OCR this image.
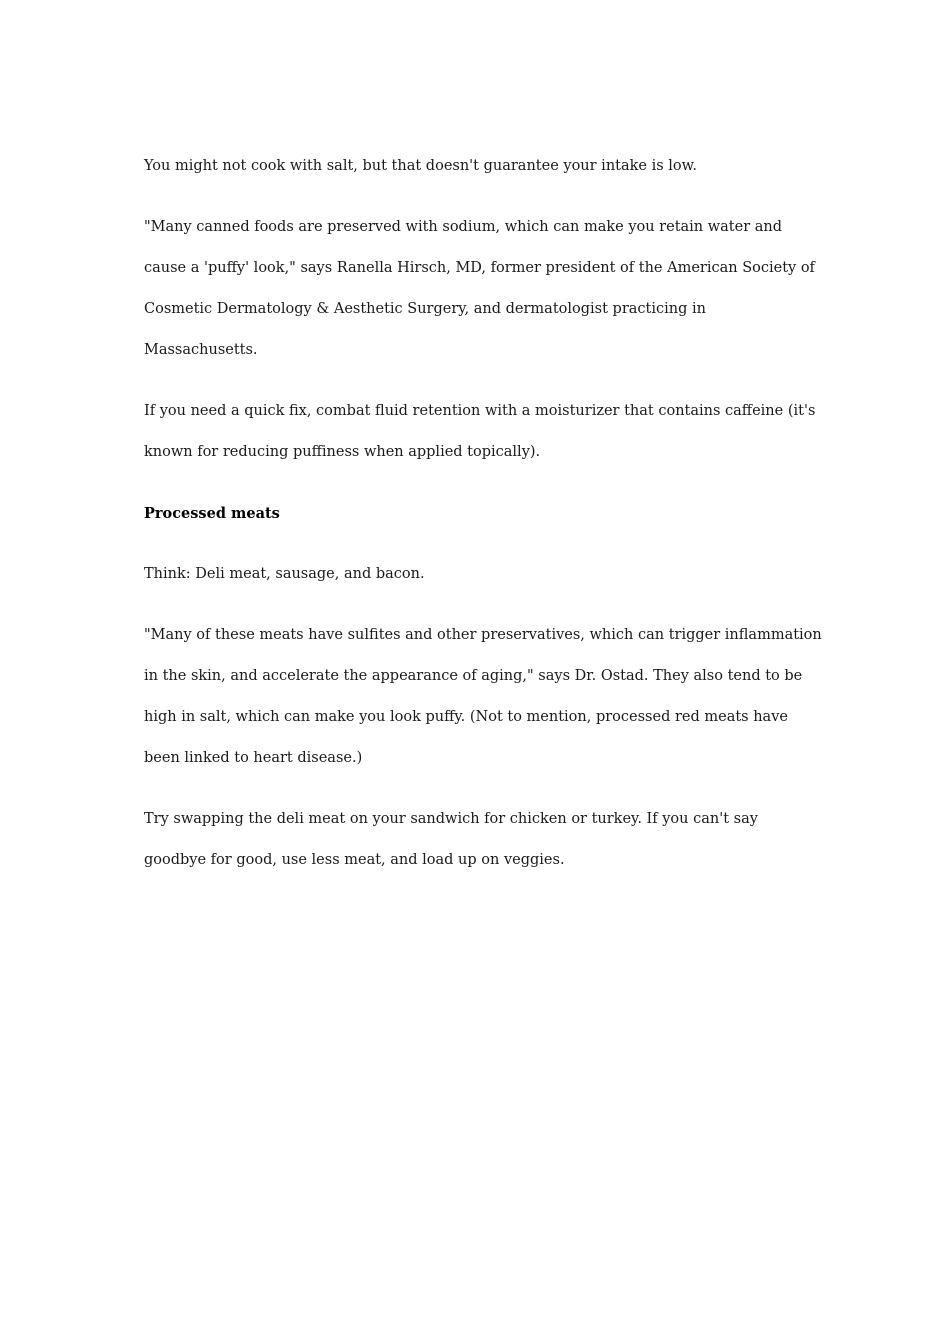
You might not cook with salt, but that doesn't guarantee your intake is low.

"Many canned foods are preserved with sodium, which can make you retain water and cause a 'puffy' look," says Ranella Hirsch, MD, former president of the American Society of Cosmetic Dermatology & Aesthetic Surgery, and dermatologist practicing in Massachusetts.

If you need a quick fix, combat fluid retention with a moisturizer that contains caffeine (it's known for reducing puffiness when applied topically).

Processed meats

Think: Deli meat, sausage, and bacon.

"Many of these meats have sulfites and other preservatives, which can trigger inflammation in the skin, and accelerate the appearance of aging," says Dr. Ostad. They also tend to be high in salt, which can make you look puffy. (Not to mention, processed red meats have been linked to heart disease.)

Try swapping the deli meat on your sandwich for chicken or turkey. If you can't say goodbye for good, use less meat, and load up on veggies.
